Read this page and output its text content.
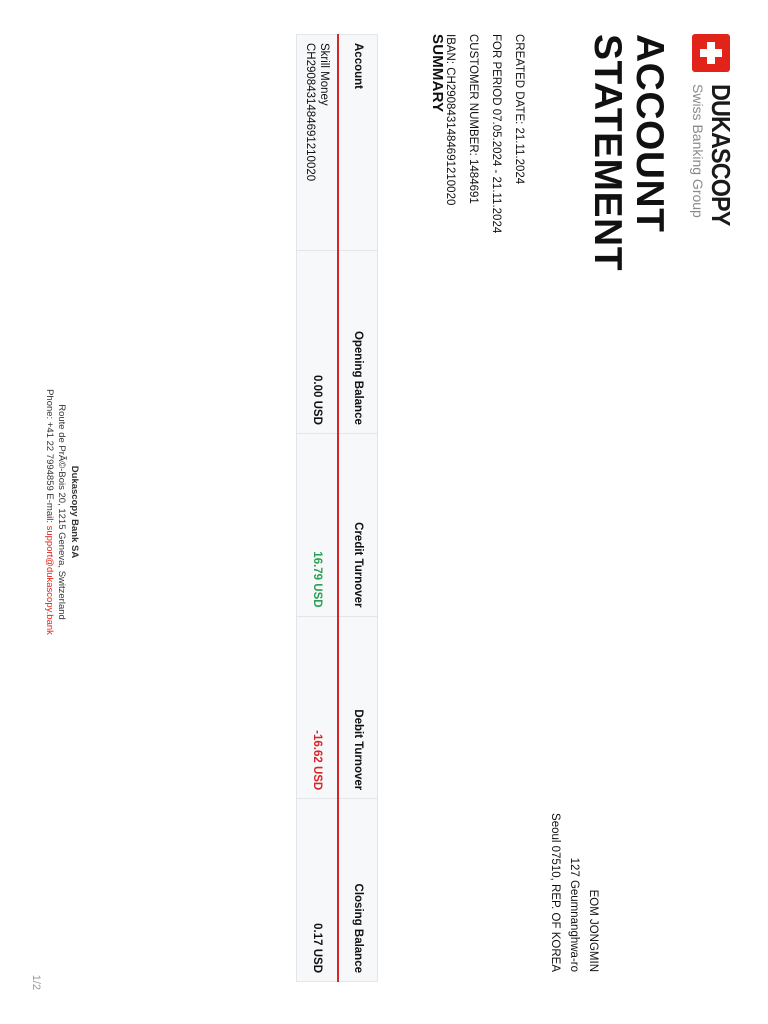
DUKASCOPY
Swiss Banking Group
ACCOUNT
STATEMENT
EOM JONGMIN
127 Geumnanghwa-ro
Seoul 07510, REP. OF KOREA
CREATED DATE: 21.11.2024
FOR PERIOD 07.05.2024 - 21.11.2024
CUSTOMER NUMBER: 1484691
IBAN: CH2908431484691210020
SUMMARY
Account	Opening Balance	Credit Turnover	Debit Turnover	Closing Balance

Skrill Money
CH2908431484691210020	0.00 USD	16.79 USD	-16.62 USD	0.17 USD
Dukascopy Bank SA
Route de PrÃ©-Bois 20, 1215 Geneva, Switzerland
Phone: +41 22 7994859 E-mail: support@dukascopy.bank
1/2
